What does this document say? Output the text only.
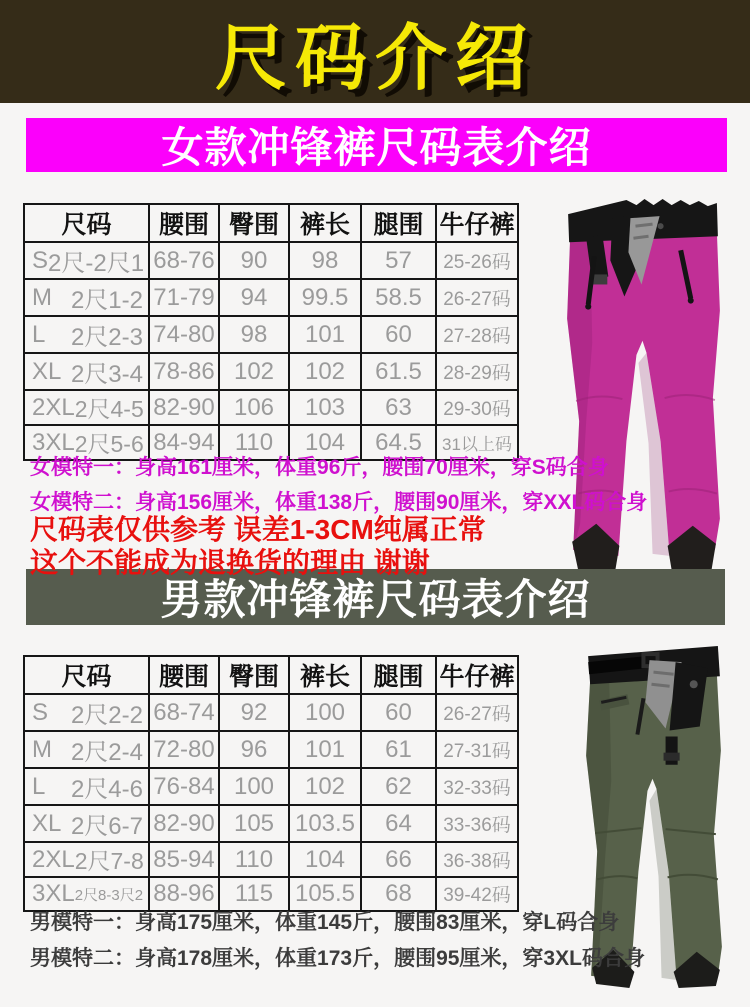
尺码介绍
女款冲锋裤尺码表介绍
尺码	腰围	臀围	裤长	腿围	牛仔裤

S 2尺-2尺1	68-76	90	98	57	25-26码

M 2尺1-2	71-79	94	99.5	58.5	26-27码

L 2尺2-3	74-80	98	101	60	27-28码

XL 2尺3-4	78-86	102	102	61.5	28-29码

2XL 2尺4-5	82-90	106	103	63	29-30码

3XL 2尺5-6	84-94	110	104	64.5	31以上码
女模特一：身高161厘米，体重96斤，腰围70厘米，穿S码合身
女模特二：身高156厘米，体重138斤，腰围90厘米，穿XXL码合身
尺码表仅供参考 误差1-3CM纯属正常
这个不能成为退换货的理由 谢谢
男款冲锋裤尺码表介绍
尺码	腰围	臀围	裤长	腿围	牛仔裤

S 2尺2-2	68-74	92	100	60	26-27码

M 2尺2-4	72-80	96	101	61	27-31码

L 2尺4-6	76-84	100	102	62	32-33码

XL 2尺6-7	82-90	105	103.5	64	33-36码

2XL 2尺7-8	85-94	110	104	66	36-38码

3XL 2尺8-3尺2	88-96	115	105.5	68	39-42码
男模特一：身高175厘米，体重145斤，腰围83厘米，穿L码合身
男模特二：身高178厘米，体重173斤，腰围95厘米，穿3XL码合身
